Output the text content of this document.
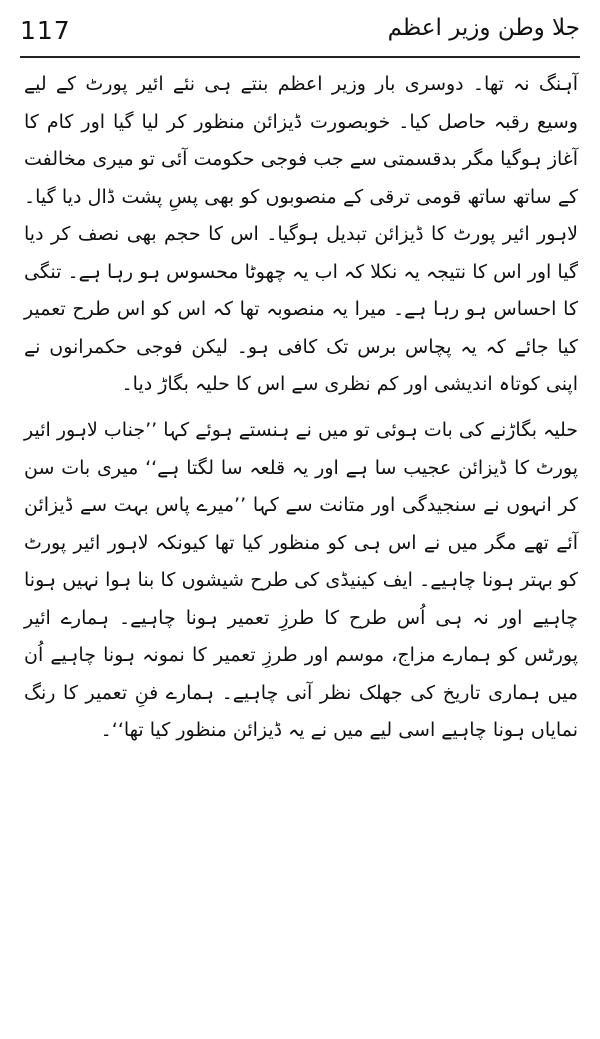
117	جلا وطن وزیر اعظم

آہنگ نہ تھا۔ دوسری بار وزیر اعظم بنتے ہی نئے ائیر پورٹ کے لیے وسیع رقبہ حاصل کیا۔ خوبصورت ڈیزائن منظور کر لیا گیا اور کام کا آغاز ہوگیا مگر بدقسمتی سے جب فوجی حکومت آئی تو میری مخالفت کے ساتھ ساتھ قومی ترقی کے منصوبوں کو بھی پسِ پشت ڈال دیا گیا۔ لاہور ائیر پورٹ کا ڈیزائن تبدیل ہوگیا۔ اس کا حجم بھی نصف کر دیا گیا اور اس کا نتیجہ یہ نکلا کہ اب یہ چھوٹا محسوس ہو رہا ہے۔ تنگی کا احساس ہو رہا ہے۔ میرا یہ منصوبہ تھا کہ اس کو اس طرح تعمیر کیا جائے کہ یہ پچاس برس تک کافی ہو۔ لیکن فوجی حکمرانوں نے اپنی کوتاہ اندیشی اور کم نظری سے اس کا حلیہ بگاڑ دیا۔

حلیہ بگاڑنے کی بات ہوئی تو میں نے ہنستے ہوئے کہا ’’جناب لاہور ائیر پورٹ کا ڈیزائن عجیب سا ہے اور یہ قلعہ سا لگتا ہے‘‘ میری بات سن کر انہوں نے سنجیدگی اور متانت سے کہا ’’میرے پاس بہت سے ڈیزائن آئے تھے مگر میں نے اس ہی کو منظور کیا تھا کیونکہ لاہور ائیر پورٹ کو بہتر ہونا چاہیے۔ ایف کینیڈی کی طرح شیشوں کا بنا ہوا نہیں ہونا چاہیے اور نہ ہی اُس طرح کا طرزِ تعمیر ہونا چاہیے۔ ہمارے ائیر پورٹس کو ہمارے مزاج، موسم اور طرزِ تعمیر کا نمونہ ہونا چاہیے اُن میں ہماری تاریخ کی جھلک نظر آنی چاہیے۔ ہمارے فنِ تعمیر کا رنگ نمایاں ہونا چاہیے اسی لیے میں نے یہ ڈیزائن منظور کیا تھا‘‘۔
